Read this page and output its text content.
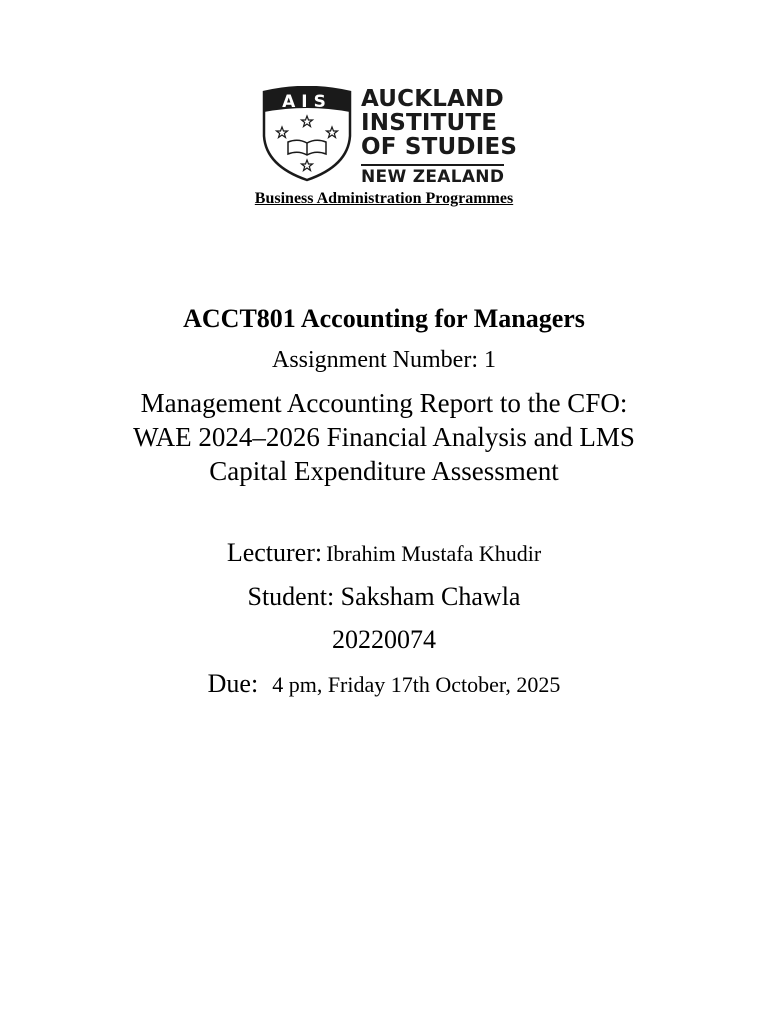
AIS AUCKLAND
INSTITUTE
OF STUDIES
NEW ZEALAND
Business Administration Programmes
ACCT801 Accounting for Managers
Assignment Number: 1
Management Accounting Report to the CFO:
WAE 2024–2026 Financial Analysis and LMS
Capital Expenditure Assessment
Lecturer: Ibrahim Mustafa Khudir
Student: Saksham Chawla
20220074
Due: 4 pm, Friday 17th October, 2025
